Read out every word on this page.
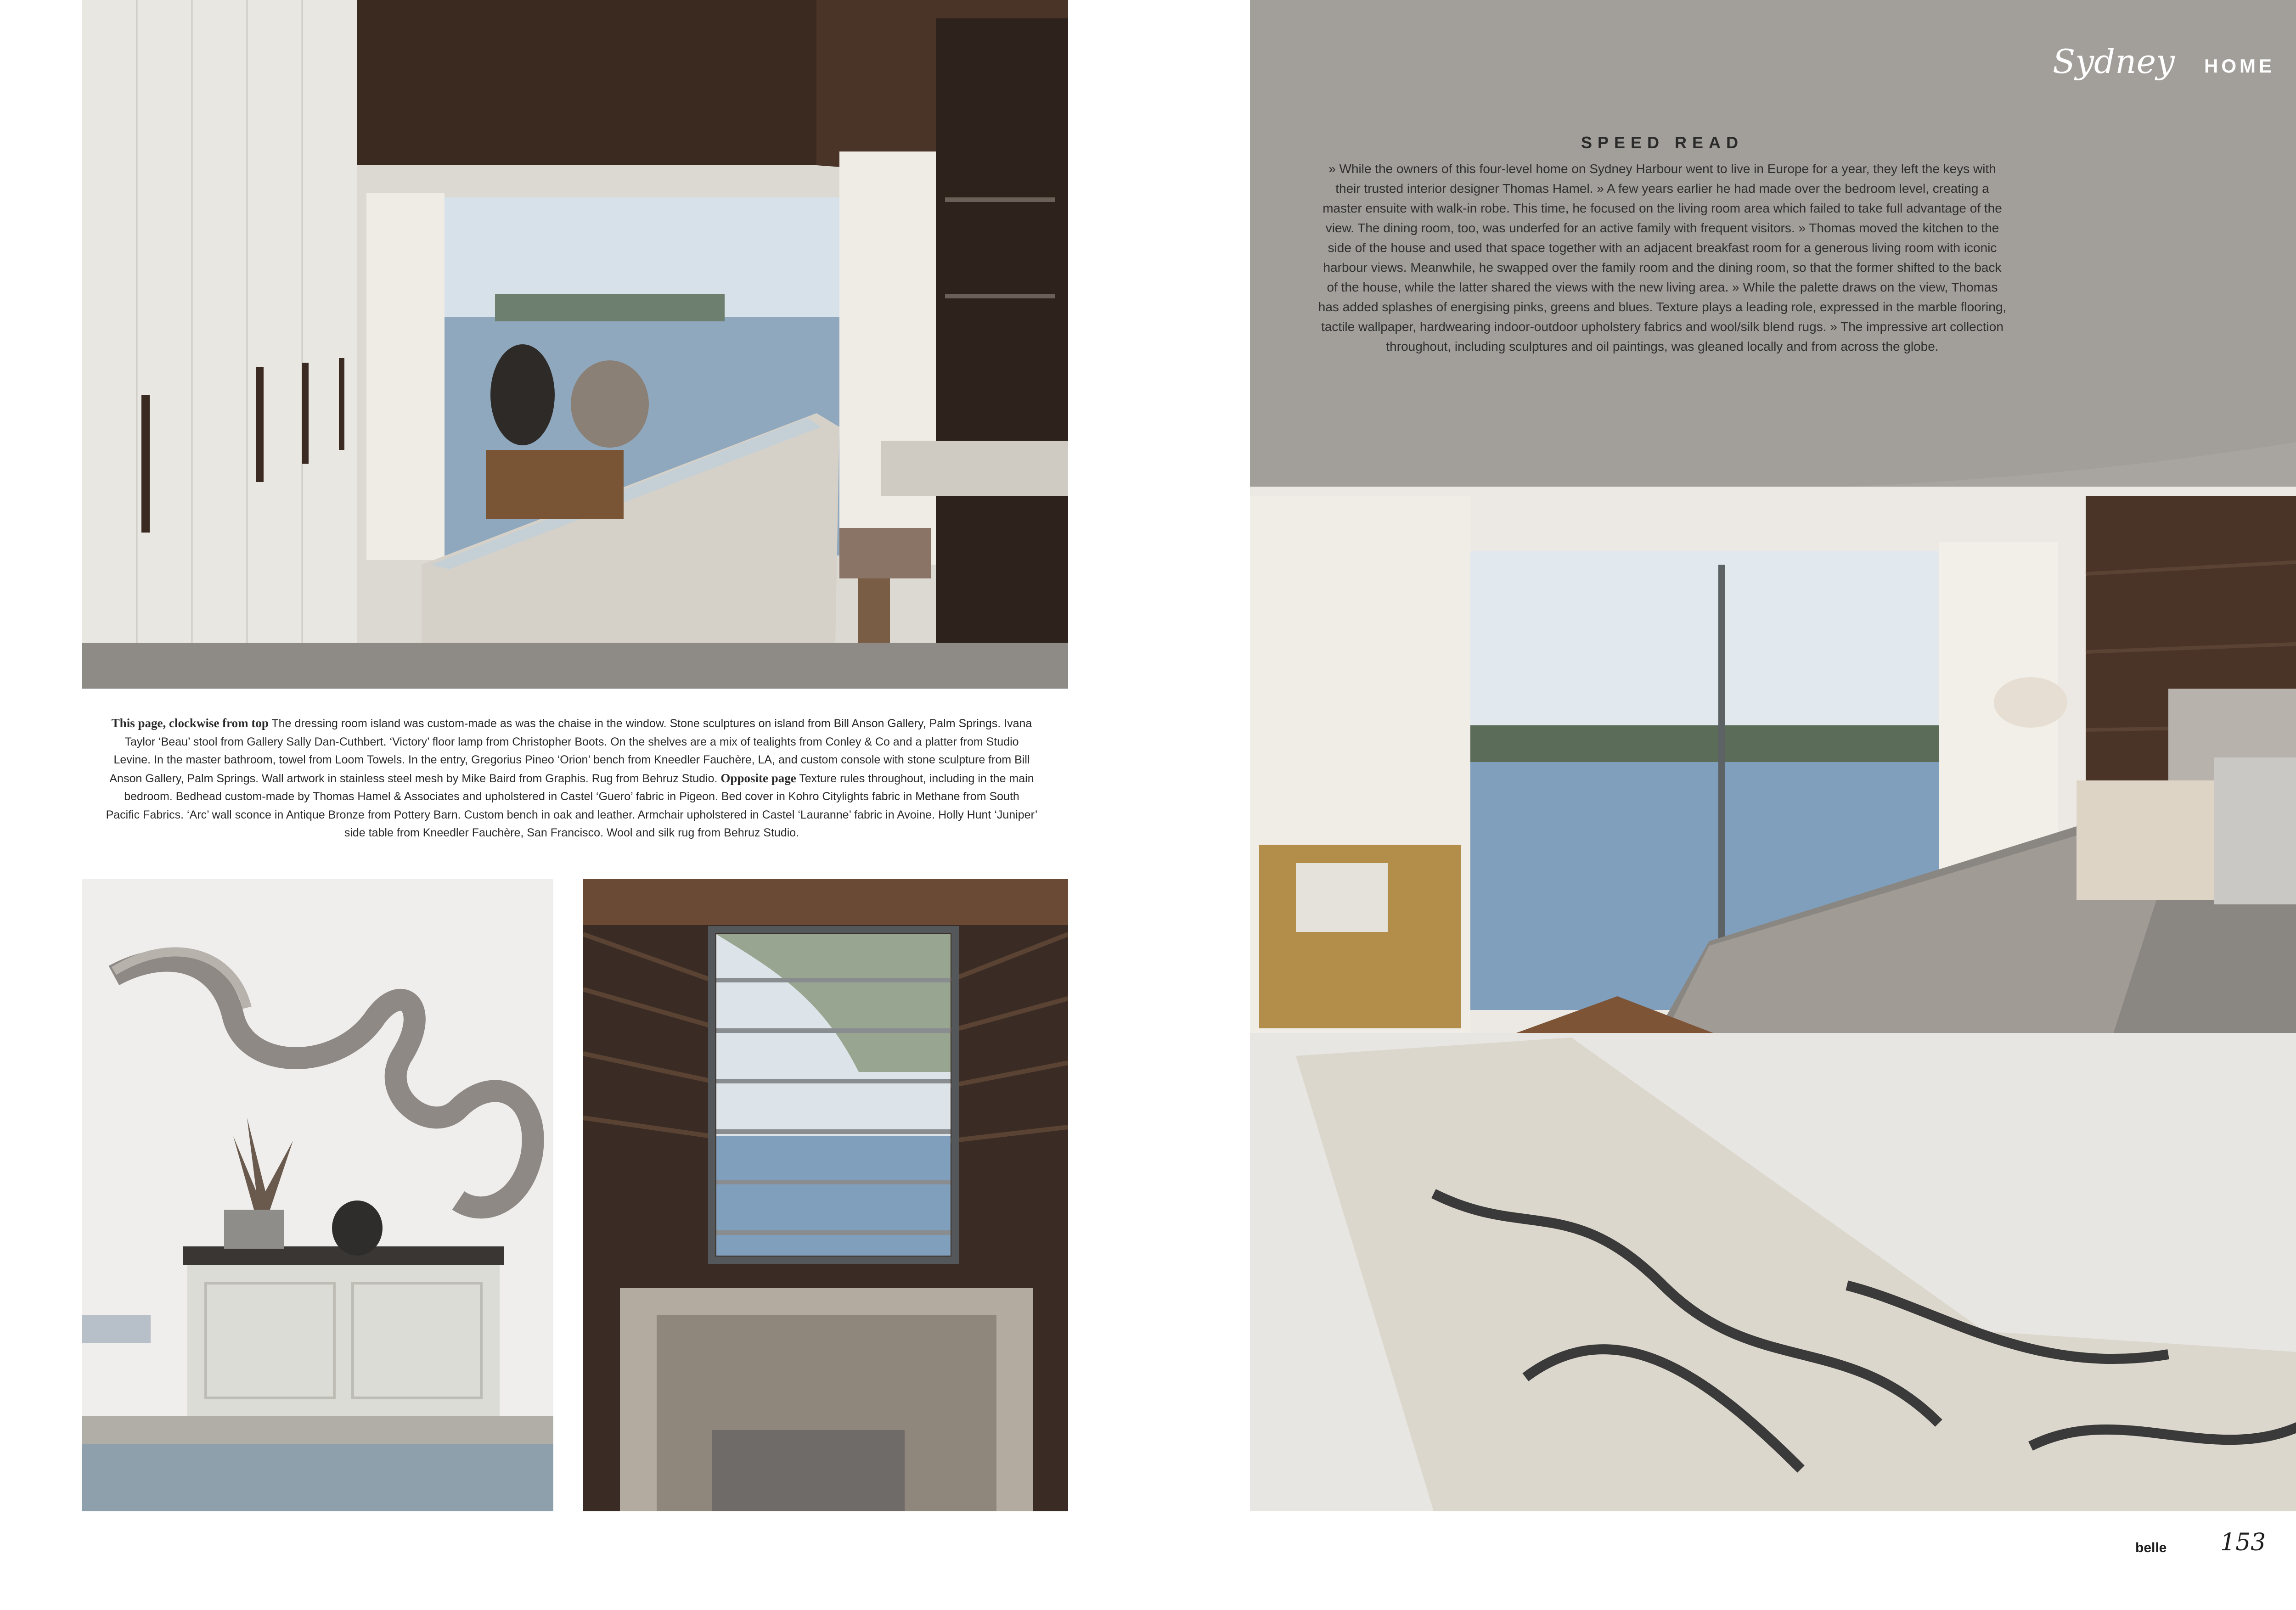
This page, clockwise from top The dressing room island was custom-made as was the chaise in the window. Stone sculptures on island from Bill Anson Gallery, Palm Springs. Ivana Taylor ‘Beau’ stool from Gallery Sally Dan-Cuthbert. ‘Victory’ floor lamp from Christopher Boots. On the shelves are a mix of tealights from Conley & Co and a platter from Studio Levine. In the master bathroom, towel from Loom Towels. In the entry, Gregorius Pineo ‘Orion’ bench from Kneedler Fauchère, LA, and custom console with stone sculpture from Bill Anson Gallery, Palm Springs. Wall artwork in stainless steel mesh by Mike Baird from Graphis. Rug from Behruz Studio. Opposite page Texture rules throughout, including in the main bedroom. Bedhead custom-made by Thomas Hamel & Associates and upholstered in Castel ‘Guero’ fabric in Pigeon. Bed cover in Kohro Citylights fabric in Methane from South Pacific Fabrics. ‘Arc’ wall sconce in Antique Bronze from Pottery Barn. Custom bench in oak and leather. Armchair upholstered in Castel ‘Lauranne’ fabric in Avoine. Holly Hunt ‘Juniper’ side table from Kneedler Fauchère, San Francisco. Wool and silk rug from Behruz Studio.
Sydney HOME
SPEED READ
» While the owners of this four-level home on Sydney Harbour went to live in Europe for a year, they left the keys with their trusted interior designer Thomas Hamel. » A few years earlier he had made over the bedroom level, creating a master ensuite with walk-in robe. This time, he focused on the living room area which failed to take full advantage of the view. The dining room, too, was underfed for an active family with frequent visitors. » Thomas moved the kitchen to the side of the house and used that space together with an adjacent breakfast room for a generous living room with iconic harbour views. Meanwhile, he swapped over the family room and the dining room, so that the former shifted to the back of the house, while the latter shared the views with the new living area. » While the palette draws on the view, Thomas has added splashes of energising pinks, greens and blues. Texture plays a leading role, expressed in the marble flooring, tactile wallpaper, hardwearing indoor-outdoor upholstery fabrics and wool/silk blend rugs. » The impressive art collection throughout, including sculptures and oil paintings, was gleaned locally and from across the globe.
belle 153
